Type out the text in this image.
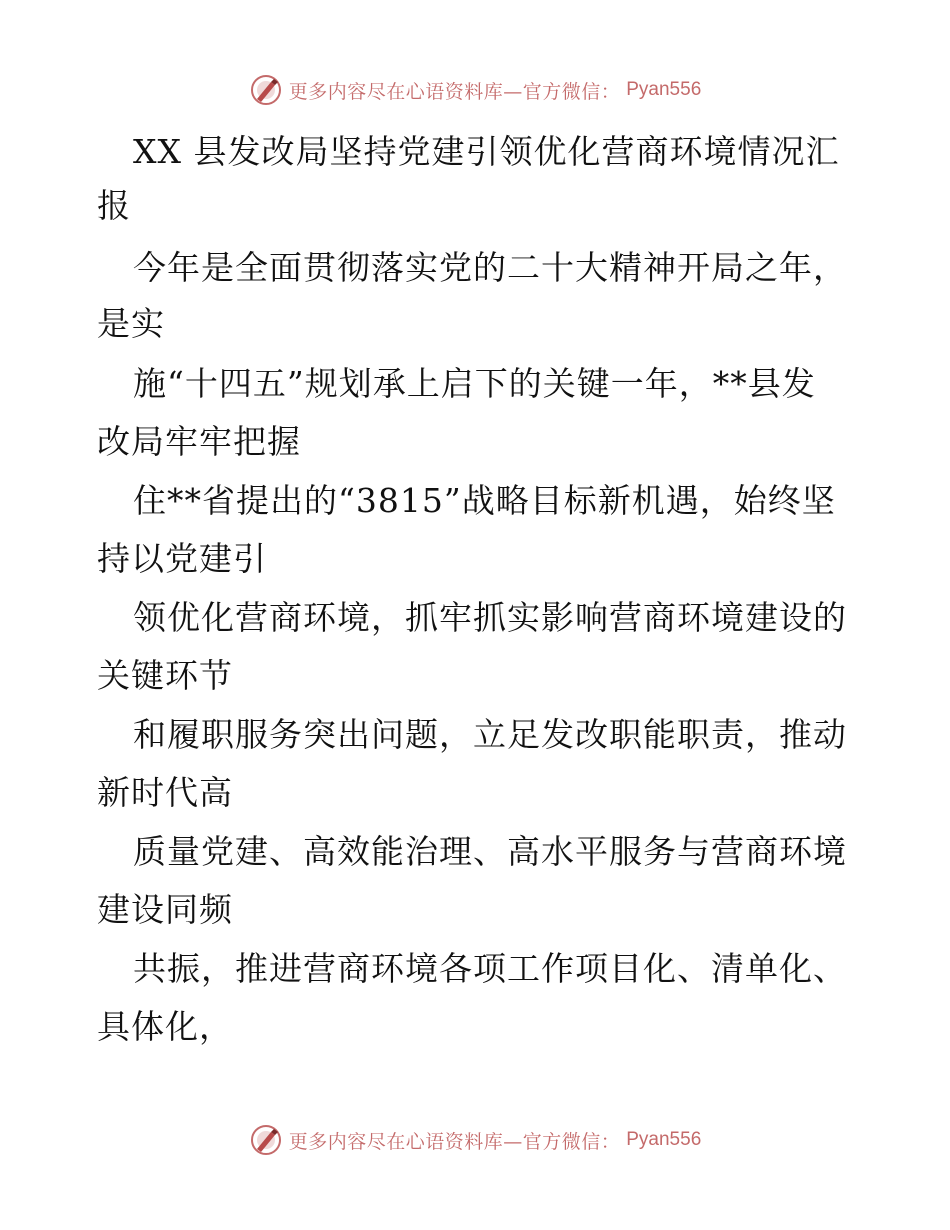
更多内容尽在心语资料库—官方微信： Pyan556
XX 县发改局坚持党建引领优化营商环境情况汇
报
今年是全面贯彻落实党的二十大精神开局之年，
是实
施“十四五”规划承上启下的关键一年，**县发
改局牢牢把握
住**省提出的“3815”战略目标新机遇，始终坚
持以党建引
领优化营商环境，抓牢抓实影响营商环境建设的
关键环节
和履职服务突出问题，立足发改职能职责，推动
新时代高
质量党建、高效能治理、高水平服务与营商环境
建设同频
共振，推进营商环境各项工作项目化、清单化、
具体化，
更多内容尽在心语资料库—官方微信： Pyan556
